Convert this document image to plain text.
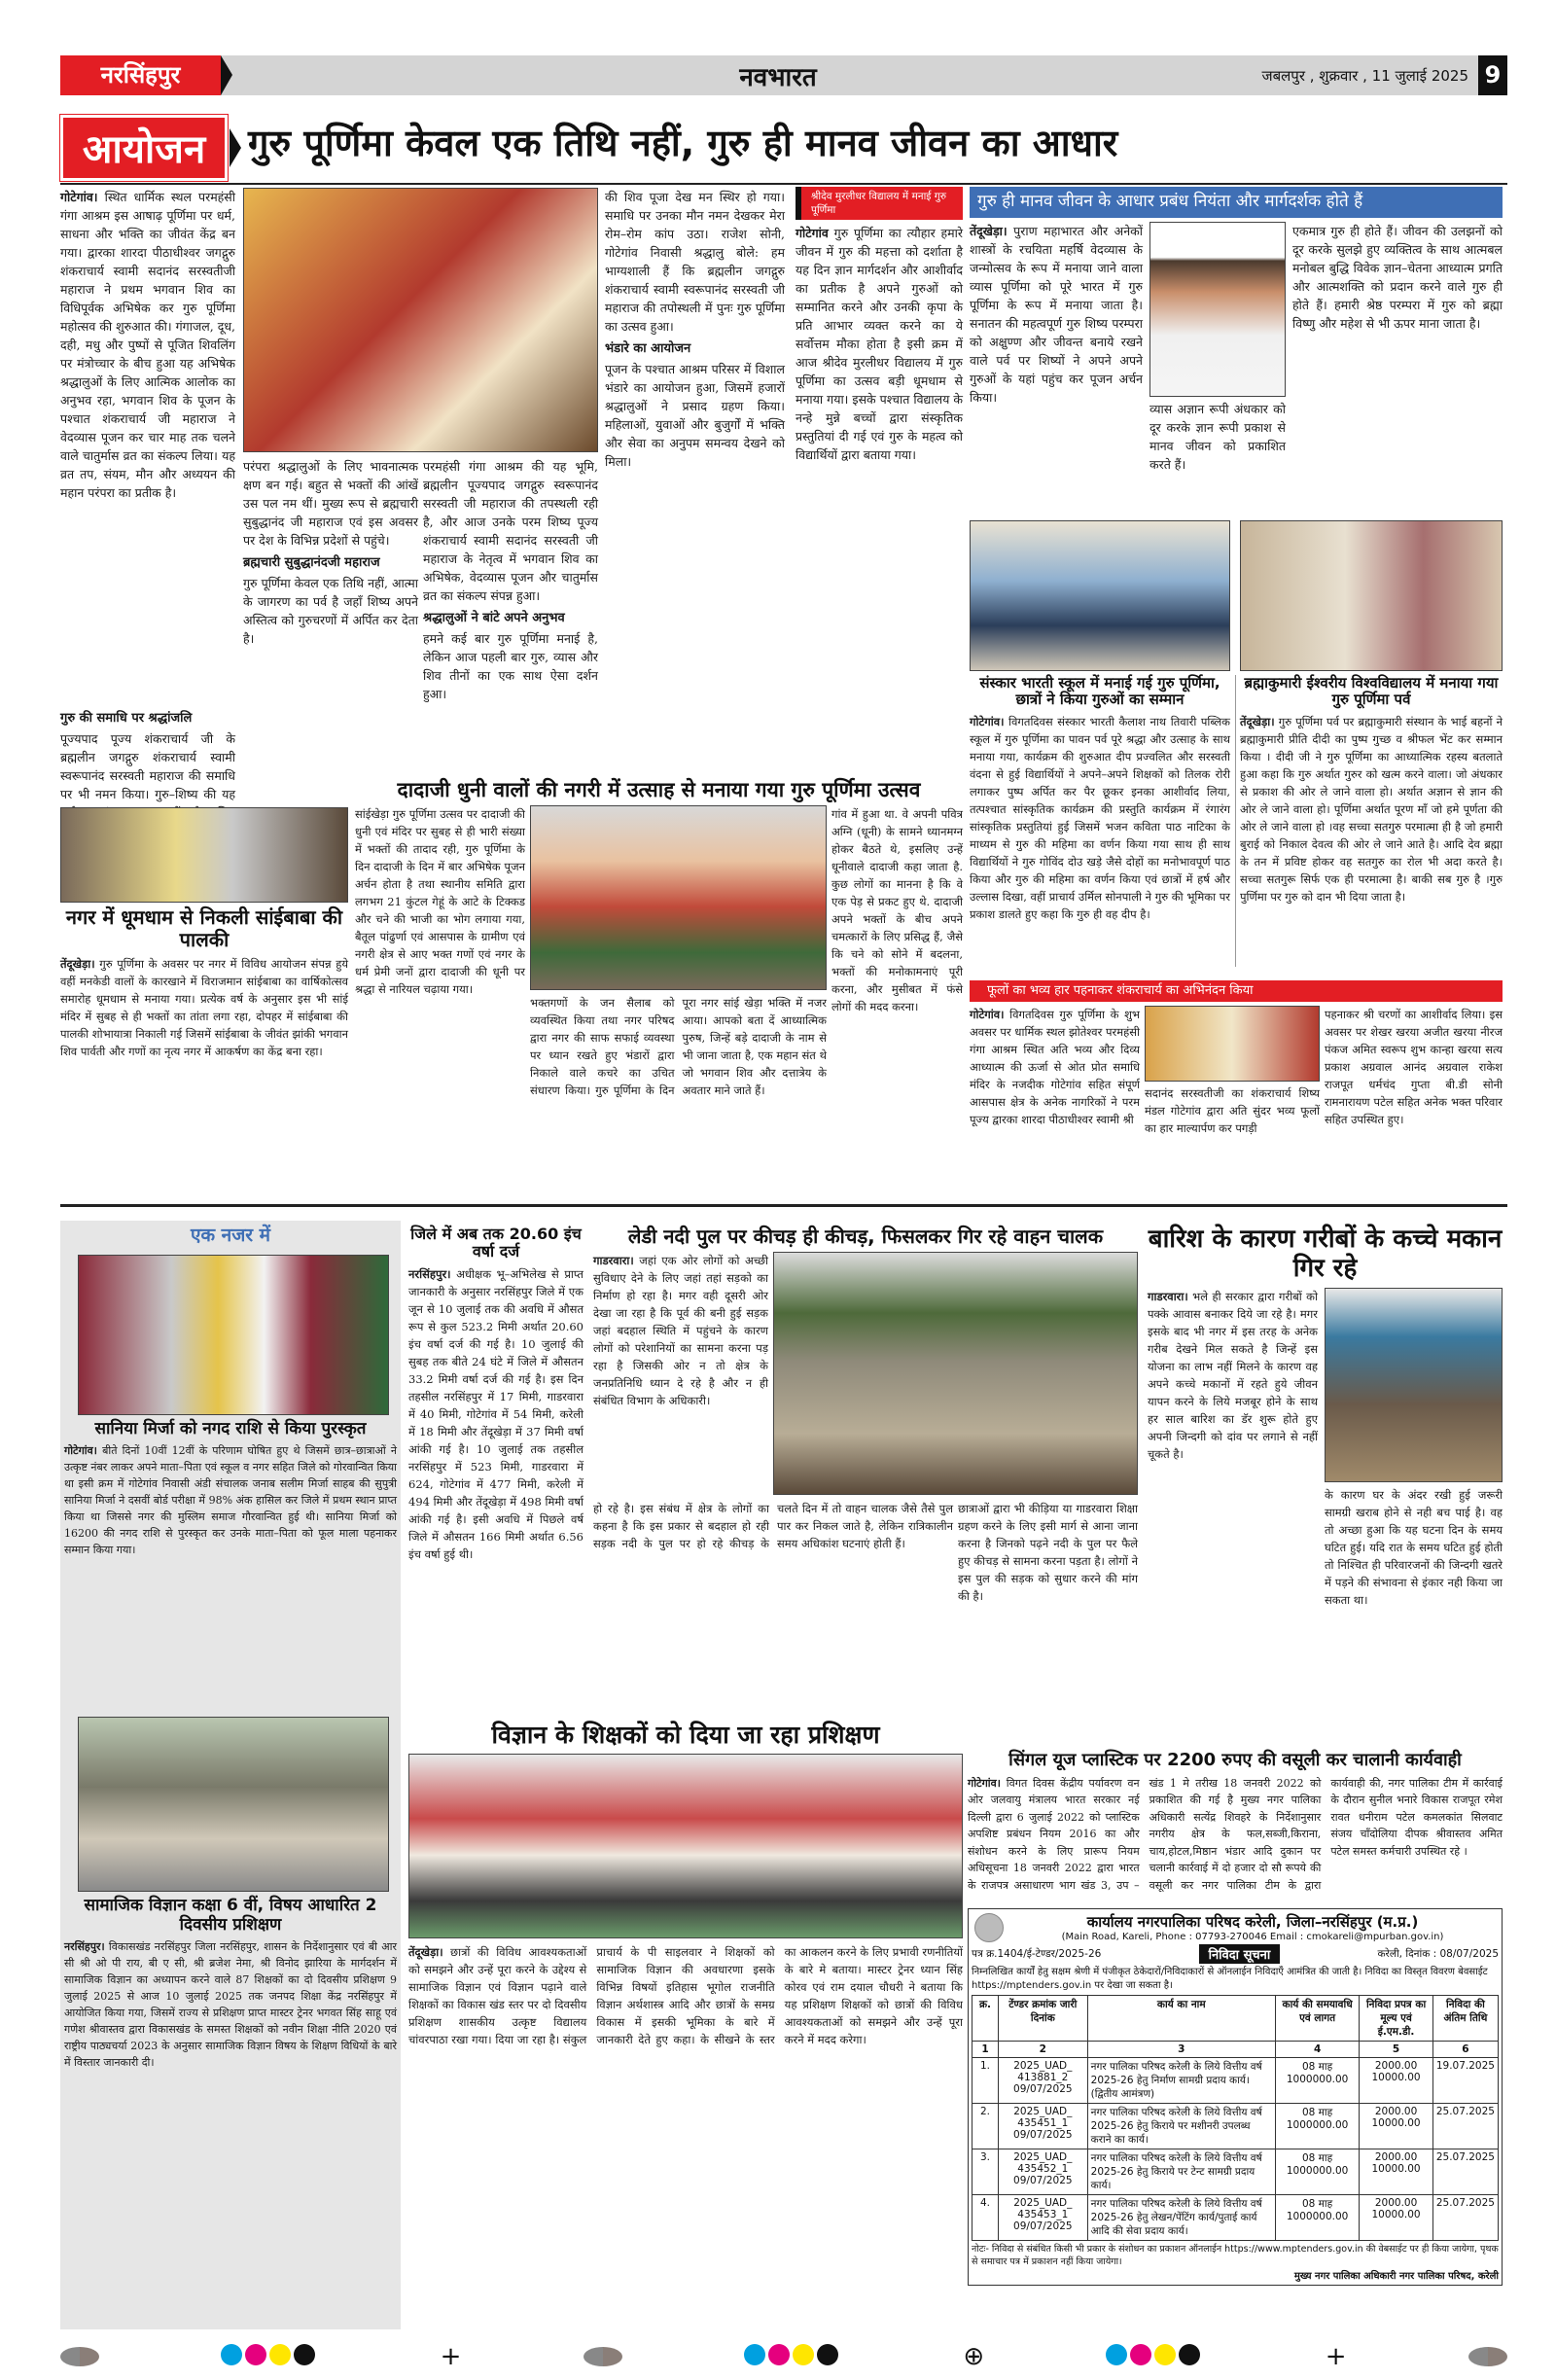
नरसिंहपुर	नवभारत	जबलपुर , शुक्रवार , 11 जुलाई 2025 9
आयोजन	गुरु पूर्णिमा केवल एक तिथि नहीं, गुरु ही मानव जीवन का आधार
गोटेगांव। स्थित धार्मिक स्थल परमहंसी गंगा आश्रम इस आषाढ़ पूर्णिमा पर धर्म, साधना और भक्ति का जीवंत केंद्र बन गया। द्वारका शारदा पीठाधीश्वर जगद्गुरु शंकराचार्य स्वामी सदानंद सरस्वतीजी महाराज ने प्रथम भगवान शिव का विधिपूर्वक अभिषेक कर गुरु पूर्णिमा महोत्सव की शुरुआत की। गंगाजल, दूध, दही, मधु और पुष्पों से पूजित शिवलिंग पर मंत्रोच्चार के बीच हुआ यह अभिषेक श्रद्धालुओं के लिए आत्मिक आलोक का अनुभव रहा, भगवान शिव के पूजन के पश्चात शंकराचार्य जी महाराज ने वेदव्यास पूजन कर चार माह तक चलने वाले चातुर्मास व्रत का संकल्प लिया। यह व्रत तप, संयम, मौन और अध्ययन की महान परंपरा का प्रतीक है।
गुरु की समाधि पर श्रद्धांजलि
पूज्यपाद पूज्य शंकराचार्य जी के ब्रह्मलीन जगद्गुरु शंकराचार्य स्वामी स्वरूपानंद सरस्वती महाराज की समाधि पर भी नमन किया। गुरु–शिष्य की यह
परंपरा श्रद्धालुओं के लिए भावनात्मक क्षण बन गई। बहुत से भक्तों की आंखें उस पल नम थीं। मुख्य रूप से ब्रह्मचारी सुबुद्धानंद जी महाराज एवं इस अवसर पर देश के विभिन्न प्रदेशों से पहुंचे।
ब्रह्मचारी सुबुद्धानंदजी महाराज
गुरु पूर्णिमा केवल एक तिथि नहीं, आत्मा के जागरण का पर्व है जहाँ शिष्य अपने अस्तित्व को गुरुचरणों में अर्पित कर देता है।
परमहंसी गंगा आश्रम की यह भूमि, ब्रह्मलीन पूज्यपाद जगद्गुरु स्वरूपानंद सरस्वती जी महाराज की तपस्थली रही है, और आज उनके परम शिष्य पूज्य शंकराचार्य स्वामी सदानंद सरस्वती जी महाराज के नेतृत्व में भगवान शिव का अभिषेक, वेदव्यास पूजन और चातुर्मास व्रत का संकल्प संपन्न हुआ।
श्रद्धालुओं ने बांटे अपने अनुभव
हमने कई बार गुरु पूर्णिमा मनाई है, लेकिन आज पहली बार गुरु, व्यास और शिव तीनों का एक साथ ऐसा दर्शन हुआ।
की शिव पूजा देख मन स्थिर हो गया। समाधि पर उनका मौन नमन देखकर मेरा रोम–रोम कांप उठा। राजेश सोनी, गोटेगांव निवासी श्रद्धालु बोले: हम भाग्यशाली हैं कि ब्रह्मलीन जगद्गुरु शंकराचार्य स्वामी स्वरूपानंद सरस्वती जी महाराज की तपोस्थली में पुनः गुरु पूर्णिमा का उत्सव हुआ।
भंडारे का आयोजन
पूजन के पश्चात आश्रम परिसर में विशाल भंडारे का आयोजन हुआ, जिसमें हजारों श्रद्धालुओं ने प्रसाद ग्रहण किया। महिलाओं, युवाओं और बुजुर्गों में भक्ति और सेवा का अनुपम समन्वय देखने को मिला।
श्रीदेव मुरलीधर विद्यालय में मनाई गुरु पूर्णिमा
गोटेगांव गुरु पूर्णिमा का त्यौहार हमारे जीवन में गुरु की महत्ता को दर्शाता है यह दिन ज्ञान मार्गदर्शन और आशीर्वाद का प्रतीक है अपने गुरुओं को सम्मानित करने और उनकी कृपा के प्रति आभार व्यक्त करने का ये सर्वोत्तम मौका होता है इसी क्रम में आज श्रीदेव मुरलीधर विद्यालय में गुरु पूर्णिमा का उत्सव बड़ी धूमधाम से मनाया गया। इसके पश्चात विद्यालय के नन्हे मुन्ने बच्चों द्वारा संस्कृतिक प्रस्तुतियां दी गई एवं गुरु के महत्व को विद्यार्थियों द्वारा बताया गया।
गुरु ही मानव जीवन के आधार प्रबंध नियंता और मार्गदर्शक होते हैं
तेंदूखेड़ा। पुराण महाभारत और अनेकों शास्त्रों के रचयिता महर्षि वेदव्यास के जन्मोत्सव के रूप में मनाया जाने वाला व्यास पूर्णिमा को पूरे भारत में गुरु पूर्णिमा के रूप में मनाया जाता है। सनातन की महत्वपूर्ण गुरु शिष्य परम्परा को अक्षुण्ण और जीवन्त बनाये रखने वाले पर्व पर शिष्यों ने अपने अपने गुरुओं के यहां पहुंच कर पूजन अर्चन किया।
व्यास अज्ञान रूपी अंधकार को दूर करके ज्ञान रूपी प्रकाश से मानव जीवन को प्रकाशित करते हैं।
एकमात्र गुरु ही होते हैं। जीवन की उलझनों को दूर करके सुलझे हुए व्यक्तित्व के साथ आत्मबल मनोबल बुद्धि विवेक ज्ञान–चेतना आध्यात्म प्रगति और आत्मशक्ति को प्रदान करने वाले गुरु ही होते हैं। हमारी श्रेष्ठ परम्परा में गुरु को ब्रह्मा विष्णु और महेश से भी ऊपर माना जाता है।
संस्कार भारती स्कूल में मनाई गई गुरु पूर्णिमा, छात्रों ने किया गुरुओं का सम्मान
गोटेगांव। विगतदिवस संस्कार भारती कैलाश नाथ तिवारी पब्लिक स्कूल में गुरु पूर्णिमा का पावन पर्व पूरे श्रद्धा और उत्साह के साथ मनाया गया, कार्यक्रम की शुरुआत दीप प्रज्वलित और सरस्वती वंदना से हुई विद्यार्थियों ने अपने–अपने शिक्षकों को तिलक रोरी लगाकर पुष्प अर्पित कर पैर छूकर इनका आशीर्वाद लिया, तत्पश्चात सांस्कृतिक कार्यक्रम की प्रस्तुति कार्यक्रम में रंगारंग सांस्कृतिक प्रस्तुतियां हुई जिसमें भजन कविता पाठ नाटिका के माध्यम से गुरु की महिमा का वर्णन किया गया साथ ही साथ विद्यार्थियों ने गुरु गोविंद दोउ खड़े जैसे दोहों का मनोभावपूर्ण पाठ किया और गुरु की महिमा का वर्णन किया एवं छात्रों में हर्ष और उल्लास दिखा, वहीं प्राचार्य उर्मिल सोनपाली ने गुरु की भूमिका पर प्रकाश डालते हुए कहा कि गुरु ही वह दीप है।
ब्रह्माकुमारी ईश्वरीय विश्वविद्यालय में मनाया गया गुरु पूर्णिमा पर्व
तेंदूखेड़ा। गुरु पूर्णिमा पर्व पर ब्रह्माकुमारी संस्थान के भाई बहनों ने ब्रह्माकुमारी प्रीति दीदी का पुष्प गुच्छ व श्रीफल भेंट कर सम्मान किया । दीदी जी ने गुरु पूर्णिमा का आध्यात्मिक रहस्य बतलाते हुआ कहा कि गुरु अर्थात गुरुर को खत्म करने वाला। जो अंधकार से प्रकाश की ओर ले जाने वाला हो। अर्थात अज्ञान से ज्ञान की ओर ले जाने वाला हो। पूर्णिमा अर्थात पूरण माँ जो हमे पूर्णता की ओर ले जाने वाला हो ।वह सच्चा सतगुरु परमात्मा ही है जो हमारी बुराई को निकाल देवत्व की ओर ले जाने आते है। आदि देव ब्रह्मा के तन में प्रविष्ट होकर वह सतगुरु का रोल भी अदा करते है। सच्चा सतगुरू सिर्फ एक ही परमात्मा है। बाकी सब गुरु है ।गुरु पुर्णिमा पर गुरु को दान भी दिया जाता है।
नगर में धूमधाम से निकली सांईबाबा की पालकी
तेंदूखेड़ा। गुरु पूर्णिमा के अवसर पर नगर में विविध आयोजन संपन्न हुये वहीं मनकेडी वालों के कारखाने में विराजमान सांईबाबा का वार्षिकोत्सव समारोह धूमधाम से मनाया गया। प्रत्येक वर्ष के अनुसार इस भी सांई मंदिर में सुबह से ही भक्तों का तांता लगा रहा, दोपहर में सांईबाबा की पालकी शोभायात्रा निकाली गई जिसमें सांईबाबा के जीवंत झांकी भगवान शिव पार्वती और गणों का नृत्य नगर में आकर्षण का केंद्र बना रहा।
दादाजी धुनी वालों की नगरी में उत्साह से मनाया गया गुरु पूर्णिमा उत्सव
सांईखेड़ा गुरु पूर्णिमा उत्सव पर दादाजी की धुनी एवं मंदिर पर सुबह से ही भारी संख्या में भक्तों की तादाद रही, गुरु पूर्णिमा के दिन दादाजी के दिन में बार अभिषेक पूजन अर्चन होता है तथा स्थानीय समिति द्वारा लगभग 21 कुंटल गेहूं के आटे के टिक्कड और चने की भाजी का भोग लगाया गया, बैतूल पांढुर्णा एवं आसपास के ग्रामीण एवं नगरी क्षेत्र से आए भक्त गणों एवं नगर के धर्म प्रेमी जनों द्वारा दादाजी की धूनी पर श्रद्धा से नारियल चढ़ाया गया।
भक्तगणों के जन सैलाब को व्यवस्थित किया तथा नगर परिषद द्वारा नगर की साफ सफाई व्यवस्था पर ध्यान रखते हुए भंडारों द्वारा निकाले वाले कचरे का उचित संधारण किया। गुरु पूर्णिमा के दिन पूरा नगर सांई खेड़ा भक्ति में नजर आया। आपको बता दें आध्यात्मिक पुरुष, जिन्हें बड़े दादाजी के नाम से भी जाना जाता है, एक महान संत थे जो भगवान शिव और दत्तात्रेय के अवतार माने जाते हैं।
गांव में हुआ था. वे अपनी पवित्र अग्नि (धूनी) के सामने ध्यानमग्न होकर बैठते थे, इसलिए उन्हें धूनीवाले दादाजी कहा जाता है. कुछ लोगों का मानना है कि वे एक पेड़ से प्रकट हुए थे. दादाजी अपने भक्तों के बीच अपने चमत्कारों के लिए प्रसिद्ध हैं, जैसे कि चने को सोने में बदलना, भक्तों की मनोकामनाएं पूरी करना, और मुसीबत में फंसे लोगों की मदद करना।
फूलों का भव्य हार पहनाकर शंकराचार्य का अभिनंदन किया
गोटेगांव। विगतदिवस गुरु पूर्णिमा के शुभ अवसर पर धार्मिक स्थल झोतेश्वर परमहंसी गंगा आश्रम स्थित अति भव्य और दिव्य आध्यात्म की ऊर्जा से ओत प्रोत समाधि मंदिर के नजदीक गोटेगांव सहित संपूर्ण आसपास क्षेत्र के अनेक नागरिकों ने परम पूज्य द्वारका शारदा पीठाधीश्वर स्वामी श्री
सदानंद सरस्वतीजी का शंकराचार्य शिष्य मंडल गोटेगांव द्वारा अति सुंदर भव्य फूलों का हार माल्यार्पण कर पगड़ी
पहनाकर श्री चरणों का आशीर्वाद लिया। इस अवसर पर शेखर खरया अजीत खरया नीरज पंकज अमित स्वरूप शुभ कान्हा खरया सत्य प्रकाश अग्रवाल आनंद अग्रवाल राकेश राजपूत धर्मचंद गुप्ता बी.डी सोनी रामनारायण पटेल सहित अनेक भक्त परिवार सहित उपस्थित हुए।
एक नजर में
सानिया मिर्जा को नगद राशि से किया पुरस्कृत
गोटेगांव। बीते दिनों 10वीं 12वीं के परिणाम घोषित हुए थे जिसमें छात्र–छात्राओं ने उत्कृष्ट नंबर लाकर अपने माता–पिता एवं स्कूल व नगर सहित जिले को गोरवान्वित किया था इसी क्रम में गोटेगांव निवासी अंडी संचालक जनाब सलीम मिर्जा साहब की सुपुत्री सानिया मिर्जा ने दसवीं बोर्ड परीक्षा में 98% अंक हासिल कर जिले में प्रथम स्थान प्राप्त किया था जिससे नगर की मुस्लिम समाज गौरवान्वित हुई थी। सानिया मिर्जा को 16200 की नगद राशि से पुरस्कृत कर उनके माता–पिता को फूल माला पहनाकर सम्मान किया गया।
सामाजिक विज्ञान कक्षा 6 वीं, विषय आधारित 2 दिवसीय प्रशिक्षण
नरसिंहपुर। विकासखंड नरसिंहपुर जिला नरसिंहपुर, शासन के निर्देशानुसार एवं बी आर सी श्री ओ पी राय, बी ए सी, श्री ब्रजेश नेमा, श्री विनोद झारिया के मार्गदर्शन में सामाजिक विज्ञान का अध्यापन करने वाले 87 शिक्षकों का दो दिवसीय प्रशिक्षण 9 जुलाई 2025 से आज 10 जुलाई 2025 तक जनपद शिक्षा केंद्र नरसिंहपुर में आयोजित किया गया, जिसमें राज्य से प्रशिक्षण प्राप्त मास्टर ट्रेनर भगवत सिंह साहू एवं गणेश श्रीवास्तव द्वारा विकासखंड के समस्त शिक्षकों को नवीन शिक्षा नीति 2020 एवं राष्ट्रीय पाठ्यचर्या 2023 के अनुसार सामाजिक विज्ञान विषय के शिक्षण विधियों के बारे में विस्तार जानकारी दी।
जिले में अब तक 20.60 इंच वर्षा दर्ज
नरसिंहपुर। अधीक्षक भू–अभिलेख से प्राप्त जानकारी के अनुसार नरसिंहपुर जिले में एक जून से 10 जुलाई तक की अवधि में औसत रूप से कुल 523.2 मिमी अर्थात 20.60 इंच वर्षा दर्ज की गई है। 10 जुलाई की सुबह तक बीते 24 घंटे में जिले में औसतन 33.2 मिमी वर्षा दर्ज की गई है। इस दिन तहसील नरसिंहपुर में 17 मिमी, गाडरवारा में 40 मिमी, गोटेगांव में 54 मिमी, करेली में 18 मिमी और तेंदूखेड़ा में 37 मिमी वर्षा आंकी गई है। 10 जुलाई तक तहसील नरसिंहपुर में 523 मिमी, गाडरवारा में 624, गोटेगांव में 477 मिमी, करेली में 494 मिमी और तेंदूखेड़ा में 498 मिमी वर्षा आंकी गई है। इसी अवधि में पिछले वर्ष जिले में औसतन 166 मिमी अर्थात 6.56 इंच वर्षा हुई थी।
लेडी नदी पुल पर कीचड़ ही कीचड़, फिसलकर गिर रहे वाहन चालक
गाडरवारा। जहां एक ओर लोगों को अच्छी सुविधाए देने के लिए जहां तहां सड़को का निर्माण हो रहा है। मगर वही दूसरी ओर देखा जा रहा है कि पूर्व की बनी हुई सड़क जहां बदहाल स्थिति में पहुंचने के कारण लोगों को परेशानियों का सामना करना पड़ रहा है जिसकी ओर न तो क्षेत्र के जनप्रतिनिधि ध्यान दे रहे है और न ही संबंधित विभाग के अधिकारी।
हो रहे है। इस संबंध में क्षेत्र के लोगों का कहना है कि इस प्रकार से बदहाल हो रही सड़क नदी के पुल पर हो रहे कीचड़ के चलते दिन में तो वाहन चालक जैसे तैसे पुल पार कर निकल जाते है, लेकिन रात्रिकालीन समय अधिकांश घटनाएं होती हैं।
छात्राओं द्वारा भी कीड़िया या गाडरवारा शिक्षा ग्रहण करने के लिए इसी मार्ग से आना जाना करना है जिनको पढ़ने नदी के पुल पर फैले हुए कीचड़ से सामना करना पड़ता है। लोगों ने इस पुल की सड़क को सुधार करने की मांग की है।
बारिश के कारण गरीबों के कच्चे मकान गिर रहे
गाडरवारा। भले ही सरकार द्वारा गरीबों को पक्के आवास बनाकर दिये जा रहे है। मगर इसके बाद भी नगर में इस तरह के अनेक गरीब देखने मिल सकते है जिन्हें इस योजना का लाभ नहीं मिलने के कारण वह अपने कच्चे मकानों में रहते हुये जीवन यापन करने के लिये मजबूर होने के साथ हर साल बारिश का डॅर शुरू होते हुए अपनी जिन्दगी को दांव पर लगाने से नहीं चूकते है।
के कारण घर के अंदर रखी हुई जरूरी सामग्री खराब होने से नही बच पाई है। वह तो अच्छा हुआ कि यह घटना दिन के समय घटित हुई। यदि रात के समय घटित हुई होती तो निश्चित ही परिवारजनों की जिन्दगी खतरे में पड़ने की संभावना से इंकार नही किया जा सकता था।
विज्ञान के शिक्षकों को दिया जा रहा प्रशिक्षण
तेंदूखेड़ा। छात्रों की विविध आवश्यकताओं को समझने और उन्हें पूरा करने के उद्देश्य से सामाजिक विज्ञान एवं विज्ञान पढ़ाने वाले शिक्षकों का विकास खंड स्तर पर दो दिवसीय प्रशिक्षण शासकीय उत्कृष्ट विद्यालय चांवरपाठा रखा गया। दिया जा रहा है। संकुल प्राचार्य के पी साइलवार ने शिक्षकों को सामाजिक विज्ञान की अवधारणा इसके विभिन्न विषयों इतिहास भूगोल राजनीति विज्ञान अर्थशास्त्र आदि और छात्रों के समग्र विकास में इसकी भूमिका के बारे में जानकारी देते हुए कहा। के सीखने के स्तर का आकलन करने के लिए प्रभावी रणनीतियों के बारे मे बताया। मास्टर ट्रेनर ध्यान सिंह कोरव एवं राम दयाल चौधरी ने बताया कि यह प्रशिक्षण शिक्षकों को छात्रों की विविध आवश्यकताओं को समझने और उन्हें पूरा करने में मदद करेगा।
सिंगल यूज प्लास्टिक पर 2200 रुपए की वसूली कर चालानी कार्यवाही
गोटेगांव। विगत दिवस केंद्रीय पर्यावरण वन ओर जलवायु मंत्रालय भारत सरकार नई दिल्ली द्वारा 6 जुलाई 2022 को प्लास्टिक अपशिष्ट प्रबंधन नियम 2016 का और संशोधन करने के लिए प्रारूप नियम अधिसूचना 18 जनवरी 2022 द्वारा भारत के राजपत्र असाधारण भाग खंड 3, उप – खंड 1 मे तरीख 18 जनवरी 2022 को प्रकाशित की गई है मुख्य नगर पालिका अधिकारी सत्येंद्र शिवहरे के निर्देशानुसार नगरीय क्षेत्र के फल,सब्जी,किराना, चाय,होटल,मिष्ठान भंडार आदि दुकान पर चलानी कार्रवाई में दो हजार दो सौ रूपये की वसूली कर नगर पालिका टीम के द्वारा कार्यवाही की, नगर पालिका टीम में कार्रवाई के दौरान सुनील भनारे विकास राजपूत रमेश रावत धनीराम पटेल कमलकांत सिलवाट संजय चाँदोलिया दीपक श्रीवास्तव अमित पटेल समस्त कर्मचारी उपस्थित रहे ।
कार्यालय नगरपालिका परिषद करेली, जिला–नरसिंहपुर (म.प्र.)
(Main Road, Kareli, Phone : 07793-270046 Email : cmokareli@mpurban.gov.in)
पत्र क्र.1404/ई-टेण्डर/2025-26	निविदा सूचना	करेली, दिनांक : 08/07/2025
निम्नलिखित कार्यों हेतु सक्षम श्रेणी में पंजीकृत ठेकेदारों/निविदाकारों से ऑनलाईन निविदाएँ आमंत्रित की जाती है। निविदा का विस्तृत विवरण बेवसाईट https://mptenders.gov.in पर देखा जा सकता है।
क्र.	टेंण्डर क्रमांक जारी दिनांक	कार्य का नाम	कार्य की समयावधि एवं लागत	निविदा प्रपत्र का मूल्य एवं ई.एम.डी.	निविदा की अंतिम तिथि
1	2	3	4	5	6
1.	2025_UAD_ 413881_2 09/07/2025	नगर पालिका परिषद करेली के लिये वित्तीय वर्ष 2025-26 हेतु निर्माण सामग्री प्रदाय कार्य।(द्वितीय आमंत्रण)	08 माह 1000000.00	2000.00 10000.00	19.07.2025
2.	2025_UAD_ 435451_1 09/07/2025	नगर पालिका परिषद करेली के लिये वित्तीय वर्ष 2025-26 हेतु किराये पर मशीनरी उपलब्ध कराने का कार्य।	08 माह 1000000.00	2000.00 10000.00	25.07.2025
3.	2025_UAD_ 435452_1 09/07/2025	नगर पालिका परिषद करेली के लिये वित्तीय वर्ष 2025-26 हेतु किराये पर टेन्ट सामग्री प्रदाय कार्य।	08 माह 1000000.00	2000.00 10000.00	25.07.2025
4.	2025_UAD_ 435453_1 09/07/2025	नगर पालिका परिषद करेली के लिये वित्तीय वर्ष 2025-26 हेतु लेखन/पेंटिंग कार्य/पुताई कार्य आदि की सेवा प्रदाय कार्य।	08 माह 1000000.00	2000.00 10000.00	25.07.2025
नोटः- निविदा से संबंधित किसी भी प्रकार के संशोधन का प्रकाशन ऑनलाईन https://www.mptenders.gov.in की वेबसाईट पर ही किया जायेगा, पृथक से समाचार पत्र में प्रकाशन नहीं किया जायेगा।
मुख्य नगर पालिका अधिकारी नगर पालिका परिषद, करेली
+	⊕	+
